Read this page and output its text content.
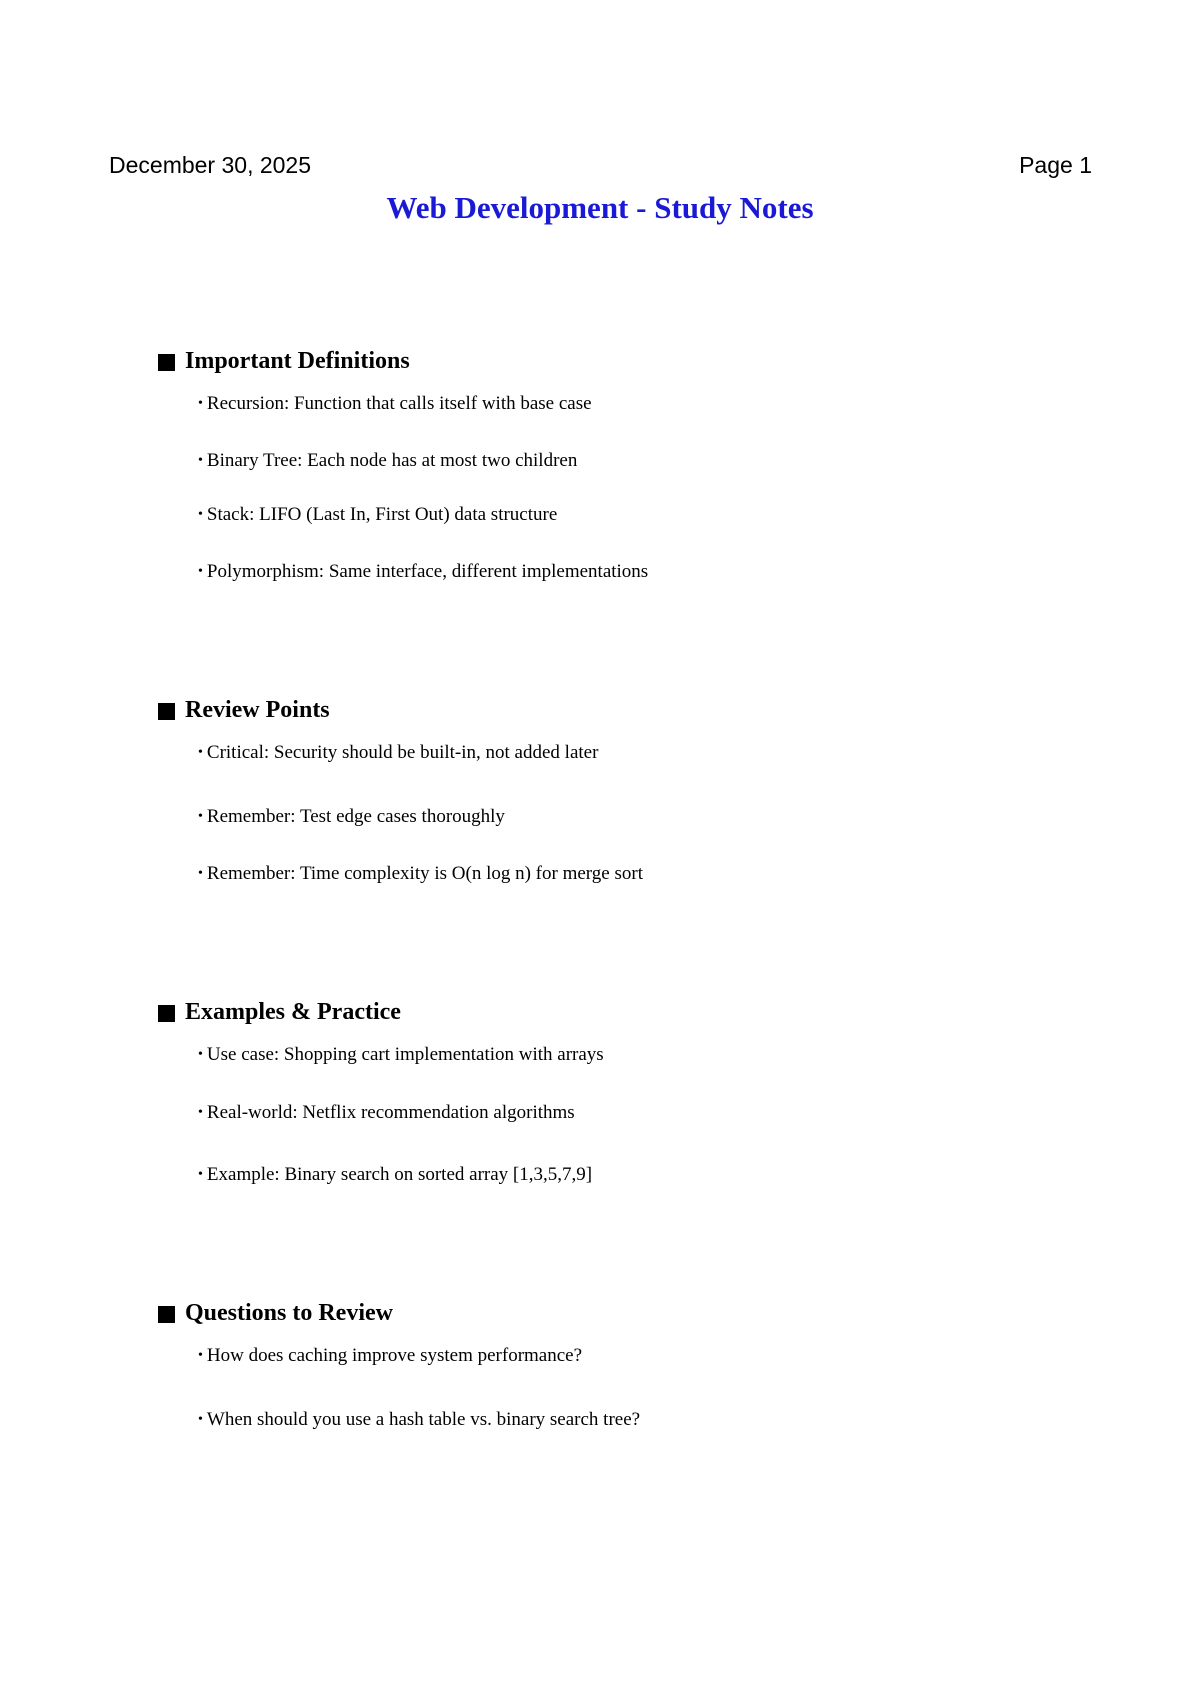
December 30, 2025	Page 1
Web Development - Study Notes
Important Definitions
• Recursion: Function that calls itself with base case
• Binary Tree: Each node has at most two children
• Stack: LIFO (Last In, First Out) data structure
• Polymorphism: Same interface, different implementations
Review Points
• Critical: Security should be built-in, not added later
• Remember: Test edge cases thoroughly
• Remember: Time complexity is O(n log n) for merge sort
Examples & Practice
• Use case: Shopping cart implementation with arrays
• Real-world: Netflix recommendation algorithms
• Example: Binary search on sorted array [1,3,5,7,9]
Questions to Review
• How does caching improve system performance?
• When should you use a hash table vs. binary search tree?
